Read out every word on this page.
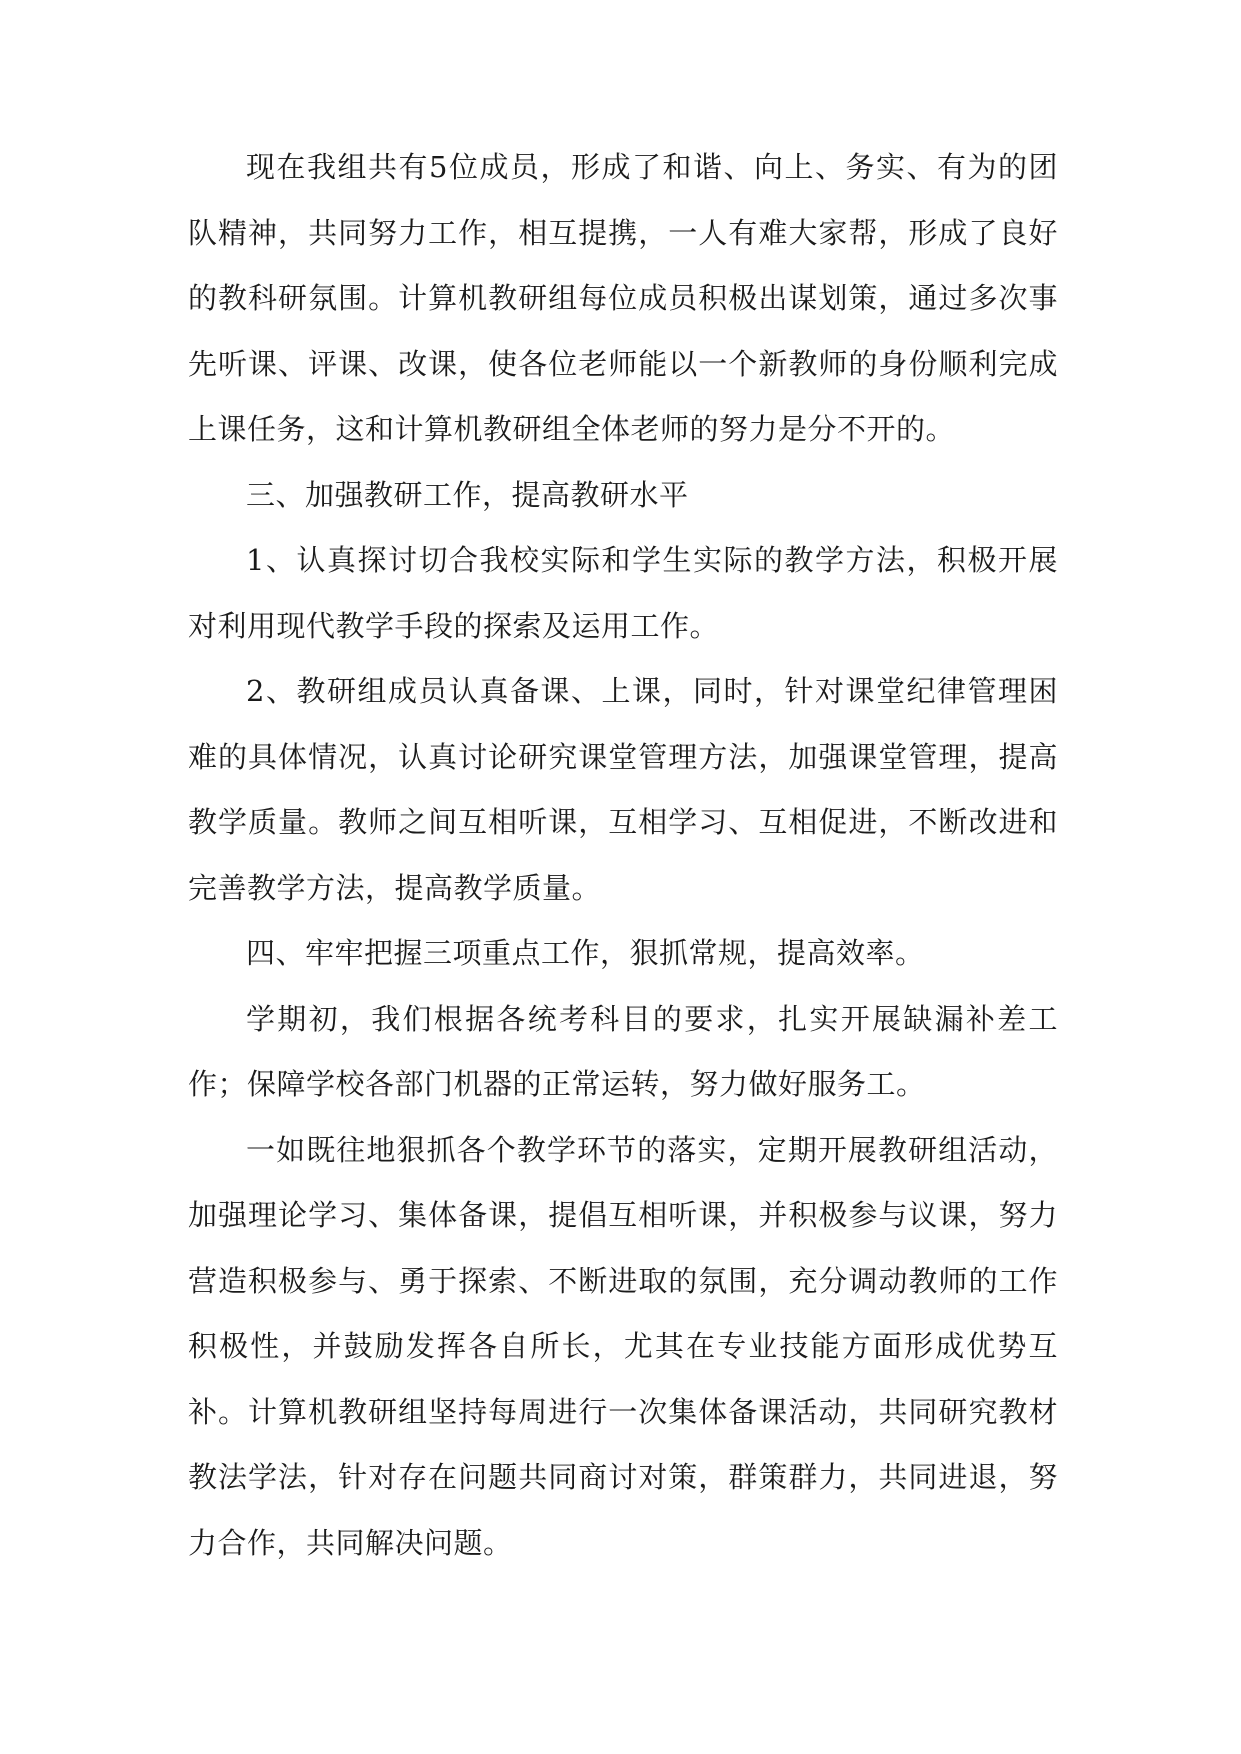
现在我组共有5位成员，形成了和谐、向上、务实、有为的团队精神，共同努力工作，相互提携，一人有难大家帮，形成了良好的教科研氛围。计算机教研组每位成员积极出谋划策，通过多次事先听课、评课、改课，使各位老师能以一个新教师的身份顺利完成上课任务，这和计算机教研组全体老师的努力是分不开的。

三、加强教研工作，提高教研水平

1、认真探讨切合我校实际和学生实际的教学方法，积极开展对利用现代教学手段的探索及运用工作。

2、教研组成员认真备课、上课，同时，针对课堂纪律管理困难的具体情况，认真讨论研究课堂管理方法，加强课堂管理，提高教学质量。教师之间互相听课，互相学习、互相促进，不断改进和完善教学方法，提高教学质量。

四、牢牢把握三项重点工作，狠抓常规，提高效率。

学期初，我们根据各统考科目的要求，扎实开展缺漏补差工作；保障学校各部门机器的正常运转，努力做好服务工。

一如既往地狠抓各个教学环节的落实，定期开展教研组活动，加强理论学习、集体备课，提倡互相听课，并积极参与议课，努力营造积极参与、勇于探索、不断进取的氛围，充分调动教师的工作积极性，并鼓励发挥各自所长，尤其在专业技能方面形成优势互补。计算机教研组坚持每周进行一次集体备课活动，共同研究教材教法学法，针对存在问题共同商讨对策，群策群力，共同进退，努力合作，共同解决问题。
